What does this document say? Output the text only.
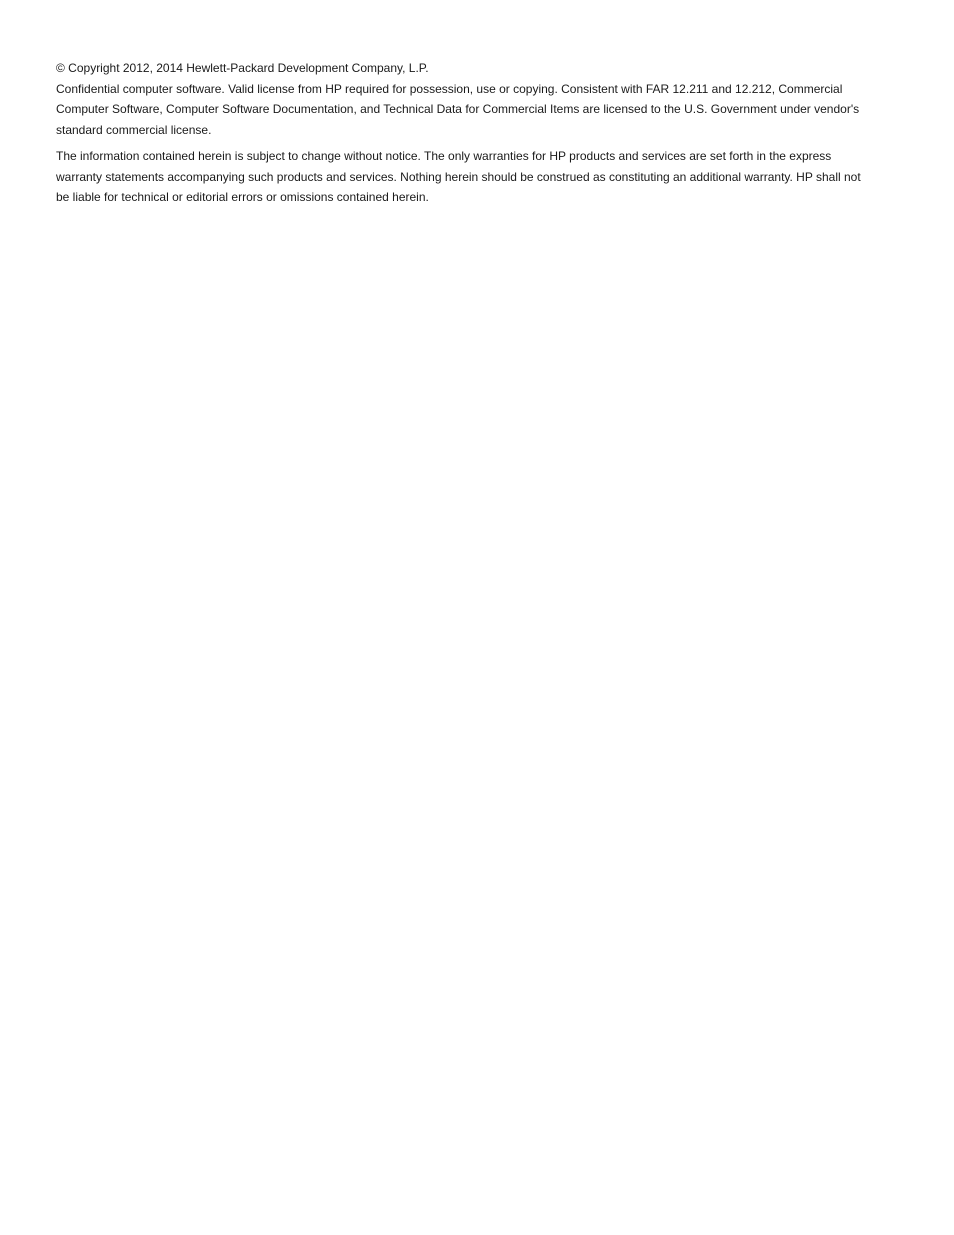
© Copyright 2012, 2014 Hewlett-Packard Development Company, L.P.

Confidential computer software. Valid license from HP required for possession, use or copying. Consistent with FAR 12.211 and 12.212, Commercial Computer Software, Computer Software Documentation, and Technical Data for Commercial Items are licensed to the U.S. Government under vendor's standard commercial license.

The information contained herein is subject to change without notice. The only warranties for HP products and services are set forth in the express warranty statements accompanying such products and services. Nothing herein should be construed as constituting an additional warranty. HP shall not be liable for technical or editorial errors or omissions contained herein.
